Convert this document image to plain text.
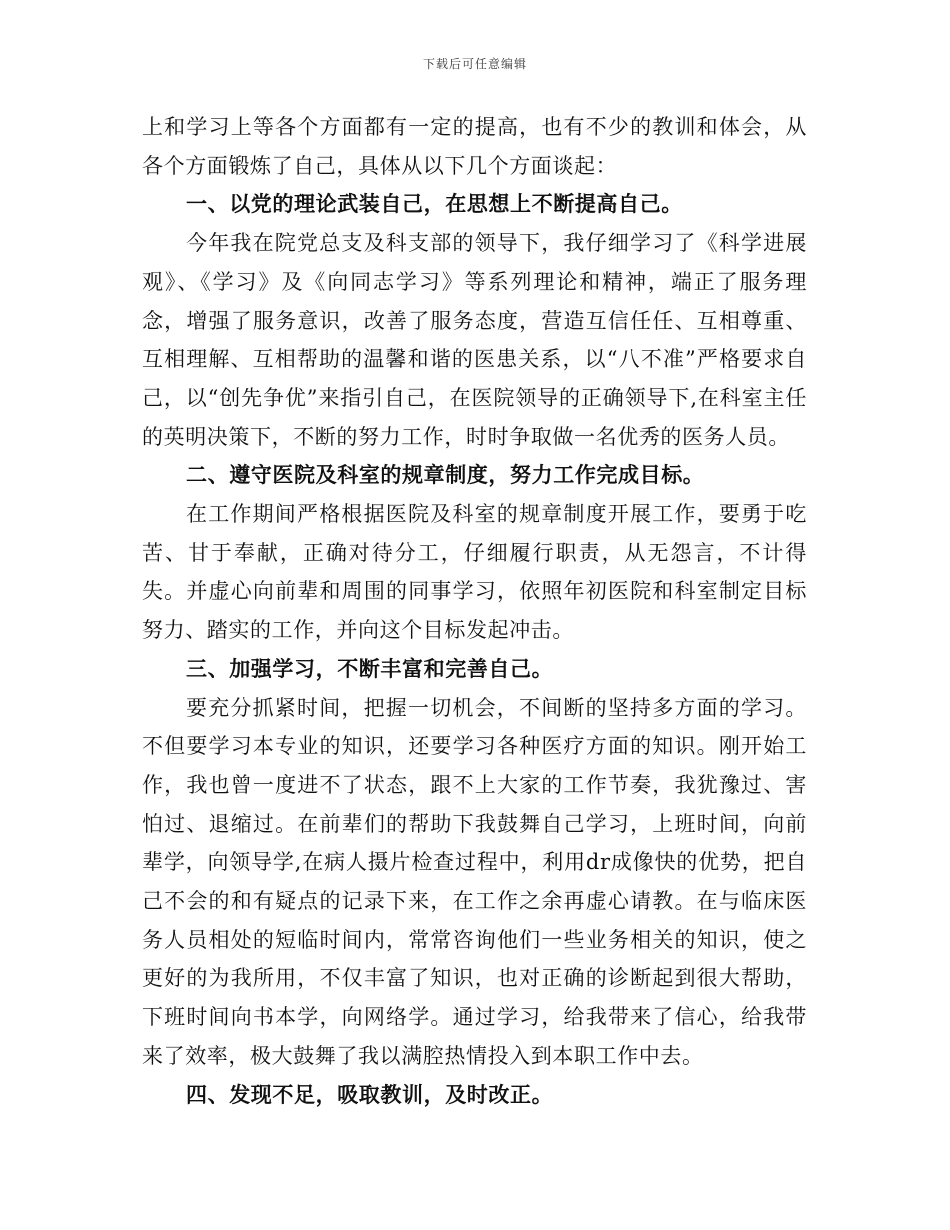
下载后可任意编辑

上和学习上等各个方面都有一定的提高，也有不少的教训和体会，从各个方面锻炼了自己，具体从以下几个方面谈起：

一、以党的理论武装自己，在思想上不断提高自己。

今年我在院党总支及科支部的领导下，我仔细学习了《科学进展观》、《学习》及《向同志学习》等系列理论和精神，端正了服务理念，增强了服务意识，改善了服务态度，营造互信任任、互相尊重、互相理解、互相帮助的温馨和谐的医患关系，以“八不准”严格要求自己，以“创先争优”来指引自己，在医院领导的正确领导下,在科室主任的英明决策下，不断的努力工作，时时争取做一名优秀的医务人员。

二、遵守医院及科室的规章制度，努力工作完成目标。

在工作期间严格根据医院及科室的规章制度开展工作，要勇于吃苦、甘于奉献，正确对待分工，仔细履行职责，从无怨言，不计得失。并虚心向前辈和周围的同事学习，依照年初医院和科室制定目标努力、踏实的工作，并向这个目标发起冲击。

三、加强学习，不断丰富和完善自己。

要充分抓紧时间，把握一切机会，不间断的坚持多方面的学习。不但要学习本专业的知识，还要学习各种医疗方面的知识。刚开始工作，我也曾一度进不了状态，跟不上大家的工作节奏，我犹豫过、害怕过、退缩过。在前辈们的帮助下我鼓舞自己学习，上班时间，向前辈学，向领导学,在病人摄片检查过程中，利用dr成像快的优势，把自己不会的和有疑点的记录下来，在工作之余再虚心请教。在与临床医务人员相处的短临时间内，常常咨询他们一些业务相关的知识，使之更好的为我所用，不仅丰富了知识，也对正确的诊断起到很大帮助，下班时间向书本学，向网络学。通过学习，给我带来了信心，给我带来了效率，极大鼓舞了我以满腔热情投入到本职工作中去。

四、发现不足，吸取教训，及时改正。
